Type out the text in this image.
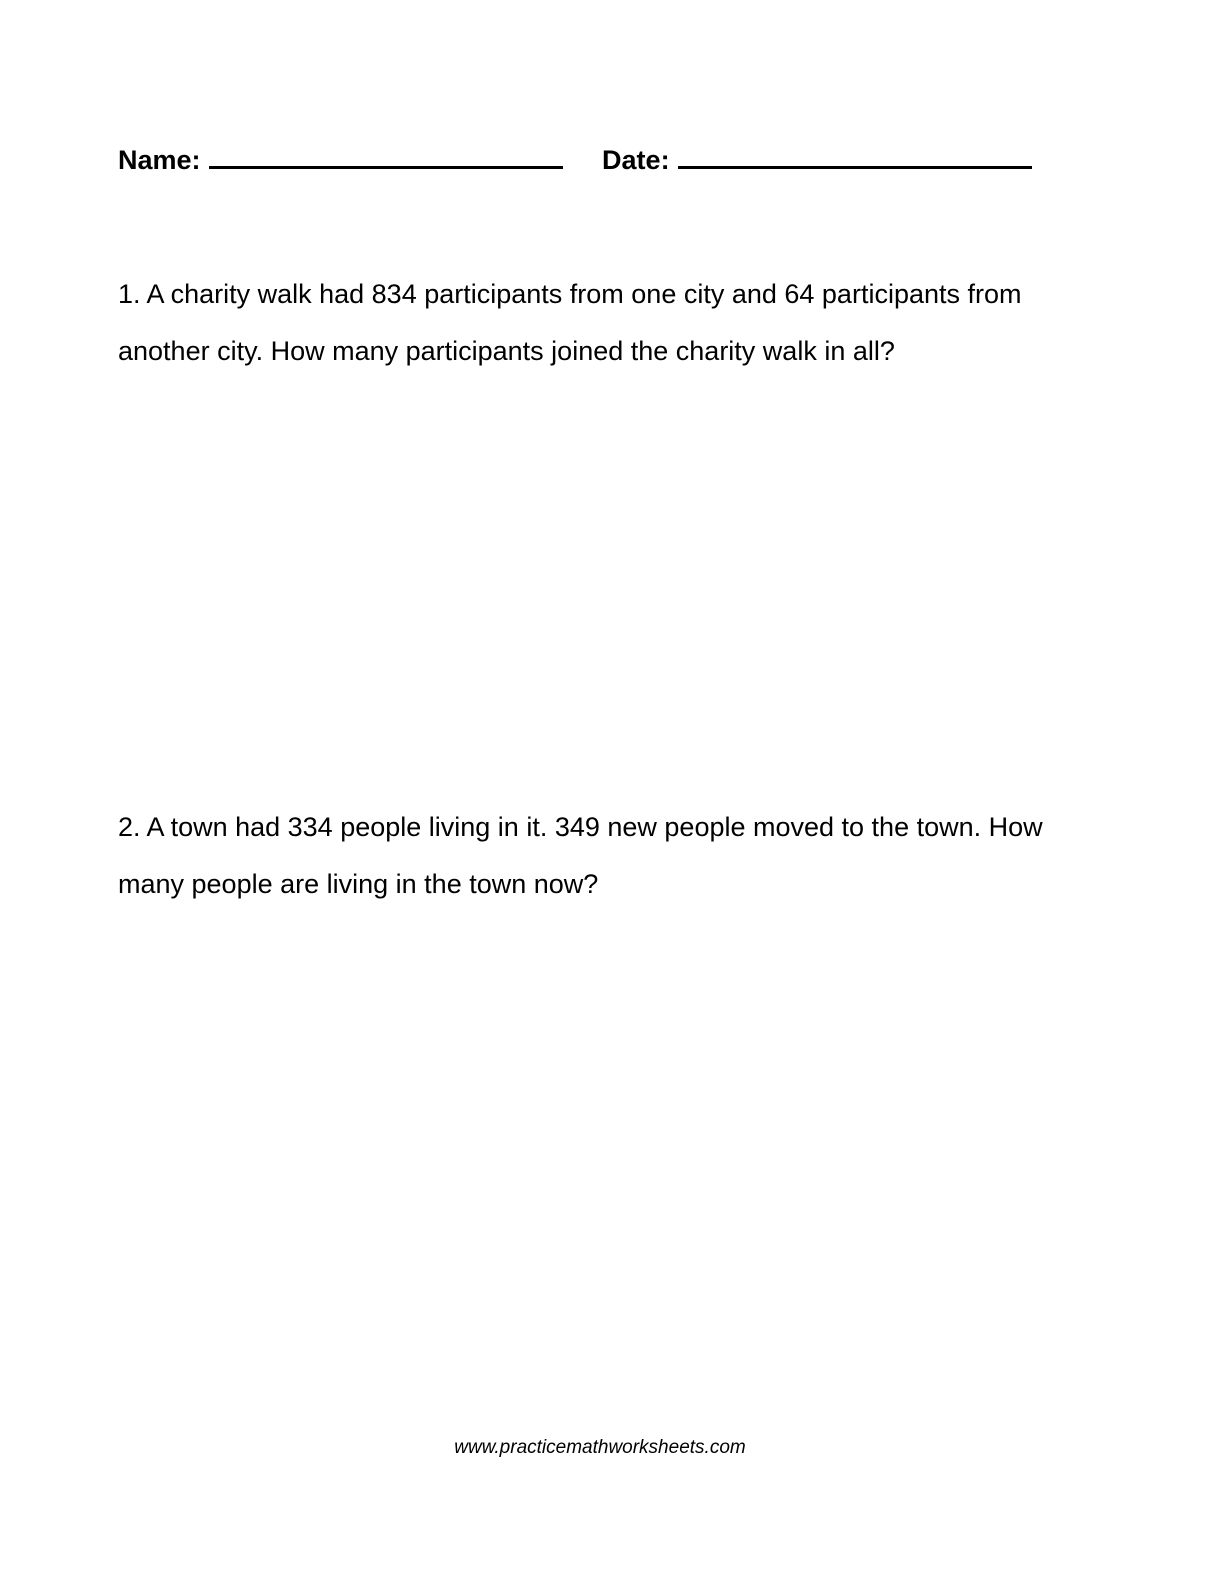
Name:	Date:
1. A charity walk had 834 participants from one city and 64 participants from another city. How many participants joined the charity walk in all?
2. A town had 334 people living in it. 349 new people moved to the town. How many people are living in the town now?
www.practicemathworksheets.com
